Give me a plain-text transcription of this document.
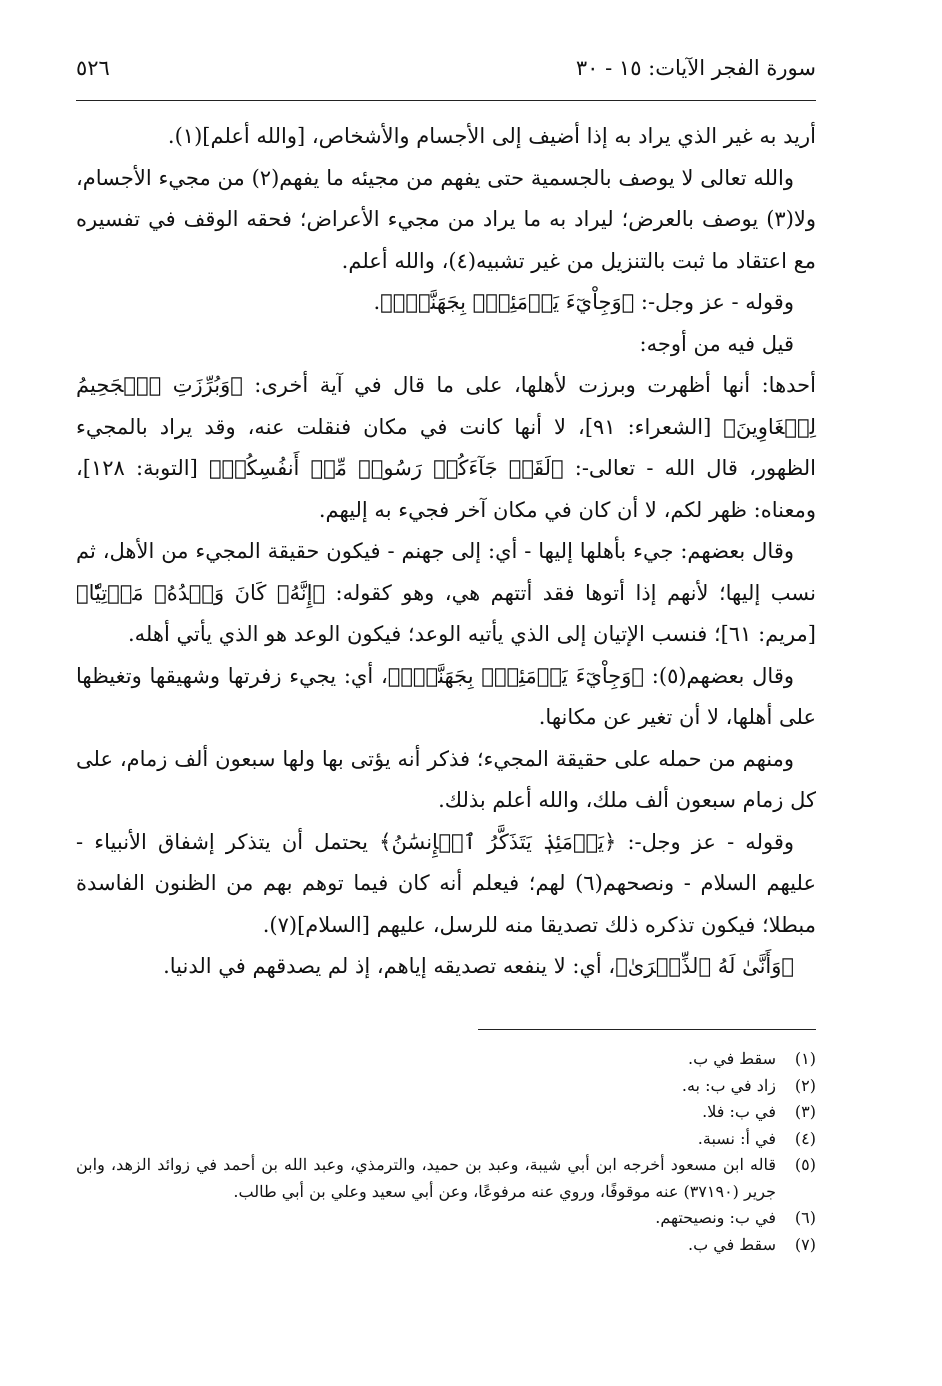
٥٢٦	سورة الفجر الآيات: ١٥ - ٣٠

أريد به غير الذي يراد به إذا أضيف إلى الأجسام والأشخاص، [والله أعلم](١).

والله تعالى لا يوصف بالجسمية حتى يفهم من مجيئه ما يفهم(٢) من مجيء الأجسام، ولا(٣) يوصف بالعرض؛ ليراد به ما يراد من مجيء الأعراض؛ فحقه الوقف في تفسيره مع اعتقاد ما ثبت بالتنزيل من غير تشبيه(٤)، والله أعلم.

وقوله - عز وجل-: ﴿وَجِاْيٓءَ يَوۡمَئِذِۭ بِجَهَنَّمَۚ﴾.

قيل فيه من أوجه:

أحدها: أنها أظهرت وبرزت لأهلها، على ما قال في آية أخرى: ﴿وَبُرِّزَتِ ٱلۡجَحِيمُ لِلۡغَاوِينَ﴾ [الشعراء: ٩١]، لا أنها كانت في مكان فنقلت عنه، وقد يراد بالمجيء الظهور، قال الله - تعالى-: ﴿لَقَدۡ جَآءَكُمۡ رَسُولٞ مِّنۡ أَنفُسِكُمۡ﴾ [التوبة: ١٢٨]، ومعناه: ظهر لكم، لا أن كان في مكان آخر فجيء به إليهم.

وقال بعضهم: جيء بأهلها إليها - أي: إلى جهنم - فيكون حقيقة المجيء من الأهل، ثم نسب إليها؛ لأنهم إذا أتوها فقد أتتهم هي، وهو كقوله: ﴿إِنَّهُۥ كَانَ وَعۡدُهُۥ مَأۡتِيّٗا﴾ [مريم: ٦١]؛ فنسب الإتيان إلى الذي يأتيه الوعد؛ فيكون الوعد هو الذي يأتي أهله.

وقال بعضهم(٥): ﴿وَجِاْيٓءَ يَوۡمَئِذِۭ بِجَهَنَّمَۚ﴾، أي: يجيء زفرتها وشهيقها وتغيظها على أهلها، لا أن تغير عن مكانها.

ومنهم من حمله على حقيقة المجيء؛ فذكر أنه يؤتى بها ولها سبعون ألف زمام، على كل زمام سبعون ألف ملك، والله أعلم بذلك.

وقوله - عز وجل-: ﴿يَوۡمَئِذٖ يَتَذَكَّرُ ٱلۡإِنسَٰنُ﴾ يحتمل أن يتذكر إشفاق الأنبياء - عليهم السلام - ونصحهم(٦) لهم؛ فيعلم أنه كان فيما توهم بهم من الظنون الفاسدة مبطلا؛ فيكون تذكره ذلك تصديقا منه للرسل، عليهم [السلام](٧).

﴿وَأَنَّىٰ لَهُ ٱلذِّكۡرَىٰ﴾، أي: لا ينفعه تصديقه إياهم، إذ لم يصدقهم في الدنيا.

(١)
سقط في ب.
(٢)
زاد في ب: به.
(٣)
في ب: فلا.
(٤)
في أ: نسبة.
(٥)
قاله ابن مسعود أخرجه ابن أبي شيبة، وعبد بن حميد، والترمذي، وعبد الله بن أحمد في زوائد الزهد، وابن جرير (٣٧١٩٠) عنه موقوفًا، وروي عنه مرفوعًا، وعن أبي سعيد وعلي بن أبي طالب.
(٦)
في ب: ونصيحتهم.
(٧)
سقط في ب.
